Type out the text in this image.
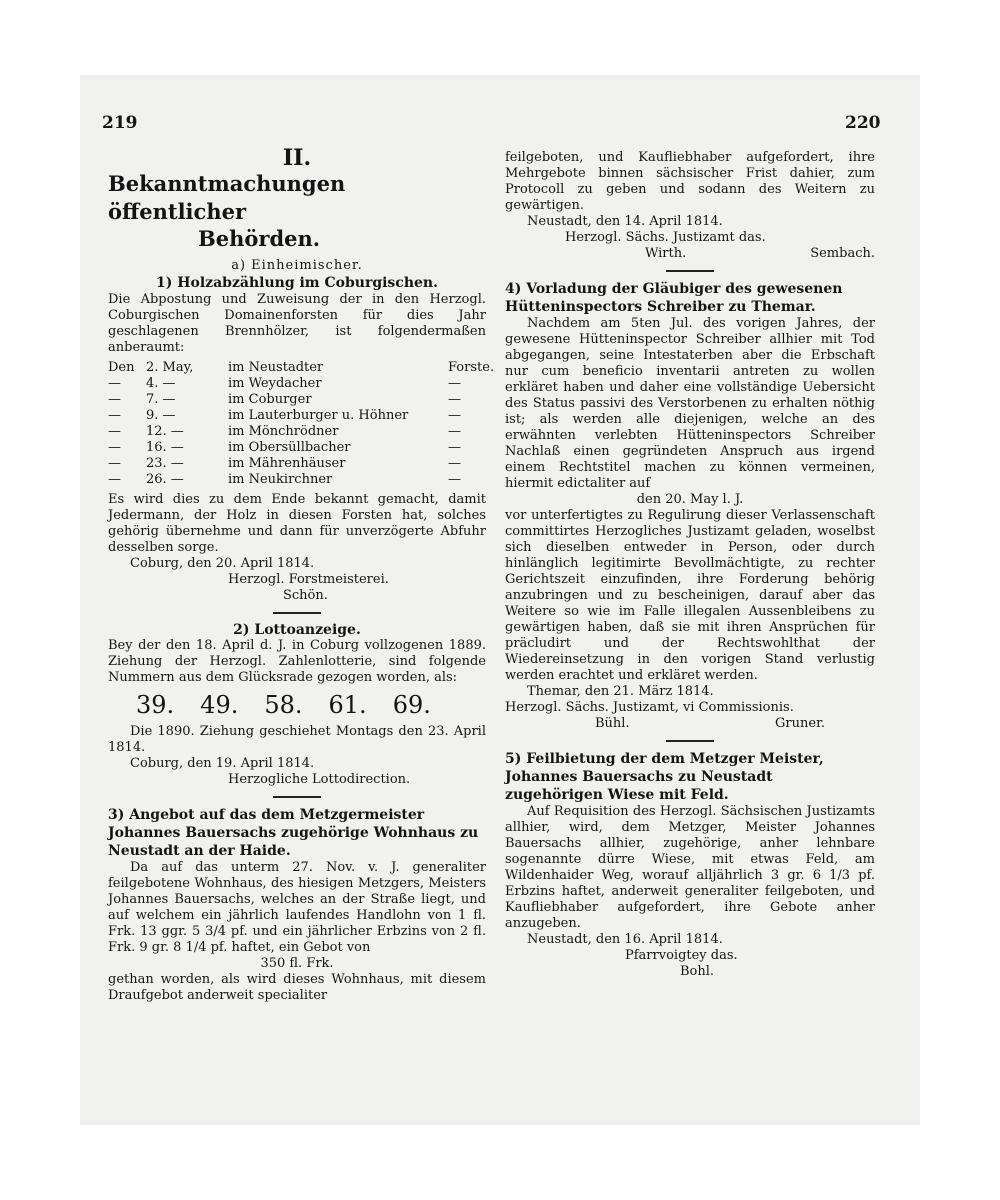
219	220
II.
Bekanntmachungen öffentlicher
Behörden.
a) Einheimischer.
1) Holzabzählung im Coburgischen.
Die Abpostung und Zuweisung der in den Herzogl. Coburgischen Domainenforsten für dies Jahr geschlagenen Brennhölzer, ist folgendermaßen anberaumt:
Den 2. May,	im Neustadter	Forste.
—	4. —	im Weydacher	—
—	7. —	im Coburger	—
—	9. —	im Lauterburger u. Höhner	—
—	12. —	im Mönchrödner	—
—	16. —	im Obersüllbacher	—
—	23. —	im Mährenhäuser	—
—	26. —	im Neukirchner	—
Es wird dies zu dem Ende bekannt gemacht, damit Jedermann, der Holz in diesen Forsten hat, solches gehörig übernehme und dann für unverzögerte Abfuhr desselben sorge.
Coburg, den 20. April 1814.
Herzogl. Forstmeisterei.
Schön.
2) Lottoanzeige.
Bey der den 18. April d. J. in Coburg vollzogenen 1889. Ziehung der Herzogl. Zahlenlotterie, sind folgende Nummern aus dem Glücksrade gezogen worden, als:
39. 49. 58. 61. 69.
Die 1890. Ziehung geschiehet Montags den 23. April 1814.
Coburg, den 19. April 1814.
Herzogliche Lottodirection.
3) Angebot auf das dem Metzgermeister Johannes Bauersachs zugehörige Wohnhaus zu Neustadt an der Haide.
Da auf das unterm 27. Nov. v. J. generaliter feilgebotene Wohnhaus, des hiesigen Metzgers, Meisters Johannes Bauersachs, welches an der Straße liegt, und auf welchem ein jährlich laufendes Handlohn von 1 fl. Frk. 13 ggr. 5 3/4 pf. und ein jährlicher Erbzins von 2 fl. Frk. 9 gr. 8 1/4 pf. haftet, ein Gebot von
350 fl. Frk.
gethan worden, als wird dieses Wohnhaus, mit diesem Draufgebot anderweit specialiter
feilgeboten, und Kaufliebhaber aufgefordert, ihre Mehrgebote binnen sächsischer Frist dahier, zum Protocoll zu geben und sodann des Weitern zu gewärtigen.
Neustadt, den 14. April 1814.
Herzogl. Sächs. Justizamt das.
Wirth.	Sembach.
4) Vorladung der Gläubiger des gewesenen Hütteninspectors Schreiber zu Themar.
Nachdem am 5ten Jul. des vorigen Jahres, der gewesene Hütteninspector Schreiber allhier mit Tod abgegangen, seine Intestaterben aber die Erbschaft nur cum beneficio inventarii antreten zu wollen erkläret haben und daher eine vollständige Uebersicht des Status passivi des Verstorbenen zu erhalten nöthig ist; als werden alle diejenigen, welche an des erwähnten verlebten Hütteninspectors Schreiber Nachlaß einen gegründeten Anspruch aus irgend einem Rechtstitel machen zu können vermeinen, hiermit edictaliter auf
den 20. May l. J.
vor unterfertigtes zu Regulirung dieser Verlassenschaft committirtes Herzogliches Justizamt geladen, woselbst sich dieselben entweder in Person, oder durch hinlänglich legitimirte Bevollmächtigte, zu rechter Gerichtszeit einzufinden, ihre Forderung behörig anzubringen und zu bescheinigen, darauf aber das Weitere so wie im Falle illegalen Aussenbleibens zu gewärtigen haben, daß sie mit ihren Ansprüchen für präcludirt und der Rechtswohlthat der Wiedereinsetzung in den vorigen Stand verlustig werden erachtet und erkläret werden.
Themar, den 21. März 1814.
Herzogl. Sächs. Justizamt, vi Commissionis.
Bühl.	Gruner.
5) Feilbietung der dem Metzger Meister, Johannes Bauersachs zu Neustadt zugehörigen Wiese mit Feld.
Auf Requisition des Herzogl. Sächsischen Justizamts allhier, wird, dem Metzger, Meister Johannes Bauersachs allhier, zugehörige, anher lehnbare sogenannte dürre Wiese, mit etwas Feld, am Wildenhaider Weg, worauf alljährlich 3 gr. 6 1/3 pf. Erbzins haftet, anderweit generaliter feilgeboten, und Kaufliebhaber aufgefordert, ihre Gebote anher anzugeben.
Neustadt, den 16. April 1814.
Pfarrvoigtey das.
Bohl.
